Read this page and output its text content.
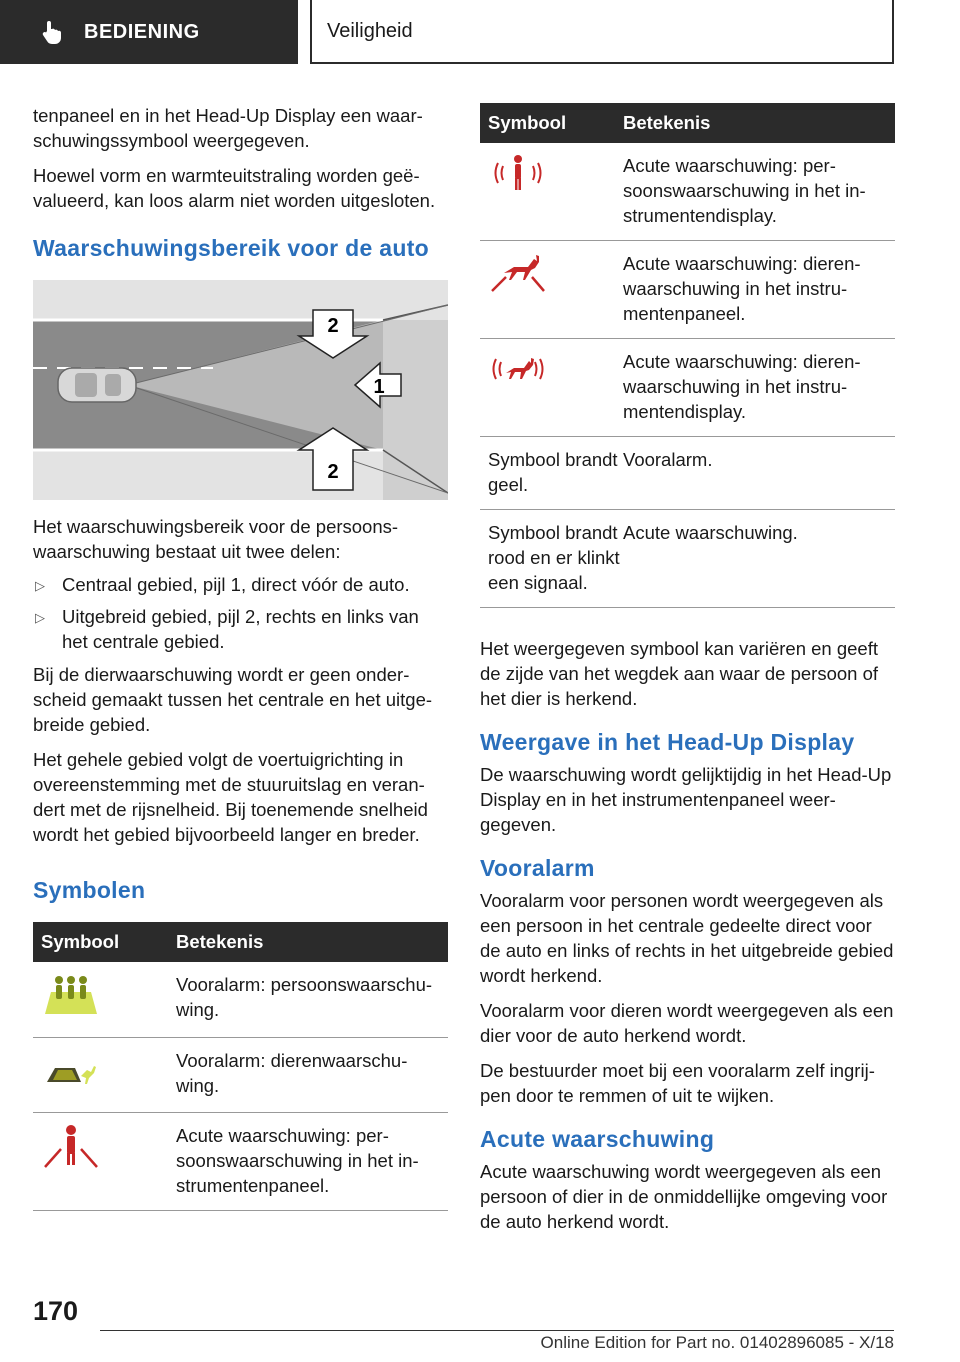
BEDIENING	Veiligheid

tenpaneel en in het Head-Up Display een waarschuwingssymbool weergegeven.

Hoewel vorm en warmteuitstraling worden geëvalueerd, kan loos alarm niet worden uitgesloten.

Waarschuwingsbereik voor de auto
2
1
2

Het waarschuwingsbereik voor de persoonswaarschuwing bestaat uit twee delen:

▷ Centraal gebied, pijl 1, direct vóór de auto.
▷ Uitgebreid gebied, pijl 2, rechts en links van het centrale gebied.

Bij de dierwaarschuwing wordt er geen onderscheid gemaakt tussen het centrale en het uitgebreide gebied.

Het gehele gebied volgt de voertuigrichting in overeenstemming met de stuuruitslag en verandert met de rijsnelheid. Bij toenemende snelheid wordt het gebied bijvoorbeeld langer en breder.

Symbolen
Symbool	Betekenis

	Vooralarm: persoonswaarschuwing.

	Vooralarm: dierenwaarschuwing.

	Acute waarschuwing: persoonswaarschuwing in het instrumentenpaneel.
Symbool	Betekenis

	Acute waarschuwing: persoonswaarschuwing in het instrumentendisplay.

	Acute waarschuwing: dierenwaarschuwing in het instrumentenpaneel.

	Acute waarschuwing: dierenwaarschuwing in het instrumentendisplay.
Symbool brandt geel.	Vooralarm.
Symbool brandt rood en er klinkt een signaal.	Acute waarschuwing.

Het weergegeven symbool kan variëren en geeft de zijde van het wegdek aan waar de persoon of het dier is herkend.

Weergave in het Head-Up Display

De waarschuwing wordt gelijktijdig in het Head-Up Display en in het instrumentenpaneel weergegeven.

Vooralarm

Vooralarm voor personen wordt weergegeven als een persoon in het centrale gedeelte direct voor de auto en links of rechts in het uitgebreide gebied wordt herkend.

Vooralarm voor dieren wordt weergegeven als een dier voor de auto herkend wordt.

De bestuurder moet bij een vooralarm zelf ingrijpen door te remmen of uit te wijken.

Acute waarschuwing

Acute waarschuwing wordt weergegeven als een persoon of dier in de onmiddellijke omgeving voor de auto herkend wordt.

170
Online Edition for Part no. 01402896085 - X/18
